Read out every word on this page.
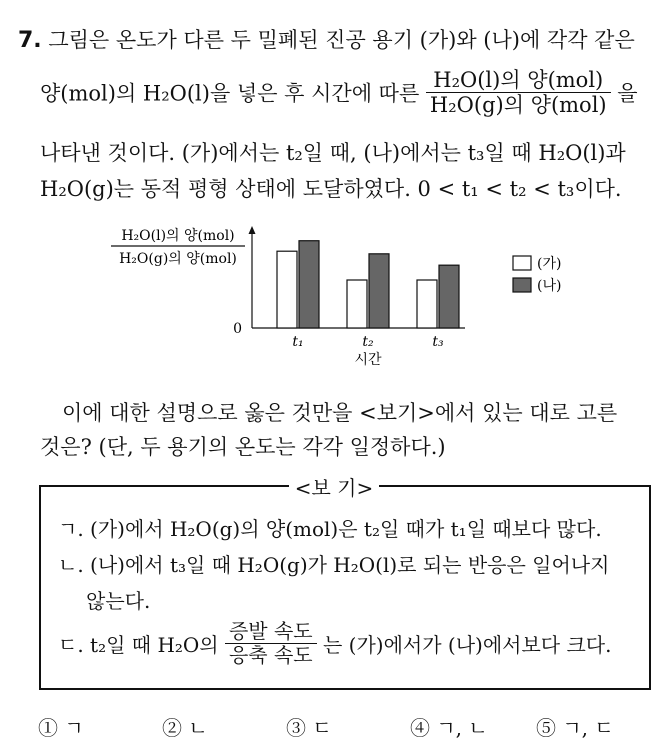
7. 그림은 온도가 다른 두 밀폐된 진공 용기 (가)와 (나)에 각각 같은
양(mol)의 H₂O(l)을 넣은 후 시간에 따른 $\frac{\text{H₂O(l)의 양(mol)}}{\text{H₂O(g)의 양(mol)}}$ 을
나타낸 것이다. (가)에서는 t₂일 때, (나)에서는 t₃일 때 H₂O(l)과
H₂O(g)는 동적 평형 상태에 도달하였다. 0 < t₁ < t₂ < t₃이다.
H₂O(l)의 양(mol)
H₂O(g)의 양(mol)
0
t₁	t₂	t₃
시간
(가)
(나)
이에 대한 설명으로 옳은 것만을 <보기>에서 있는 대로 고른
것은? (단, 두 용기의 온도는 각각 일정하다.)
<보 기>
ㄱ. (가)에서 H₂O(g)의 양(mol)은 t₂일 때가 t₁일 때보다 많다.
ㄴ. (나)에서 t₃일 때 H₂O(g)가 H₂O(l)로 되는 반응은 일어나지
않는다.
ㄷ. t₂일 때 H₂O의 $\frac{\text{증발 속도}}{\text{응축 속도}}$ 는 (가)에서가 (나)에서보다 크다.
① ㄱ	② ㄴ	③ ㄷ	④ ㄱ, ㄴ ⑤ ㄱ, ㄷ
